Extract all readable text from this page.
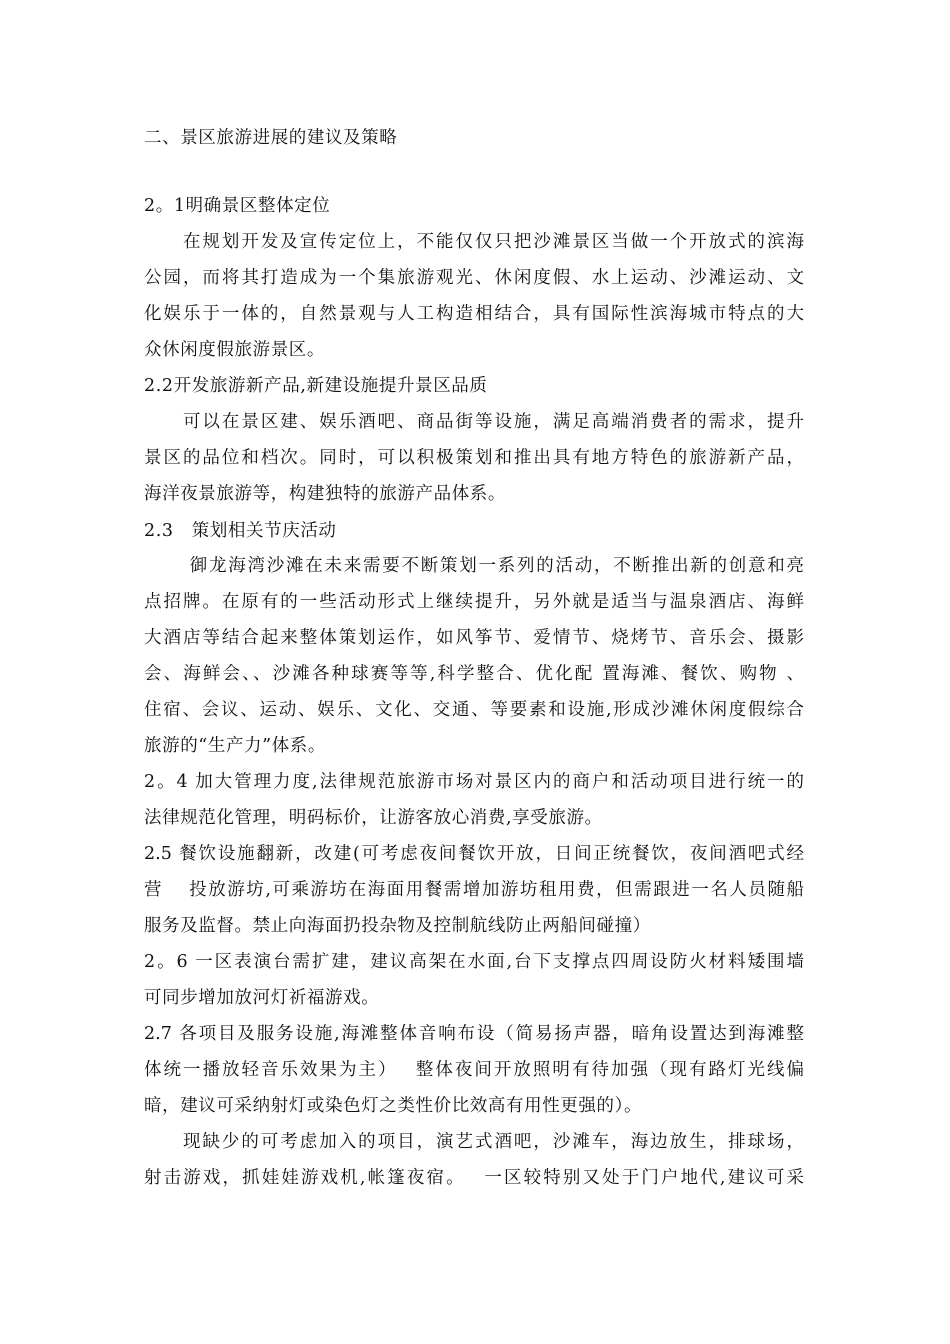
二、景区旅游进展的建议及策略
2。1明确景区整体定位
　　在规划开发及宣传定位上，不能仅仅只把沙滩景区当做一个开放式的滨海
公园，而将其打造成为一个集旅游观光、休闲度假、水上运动、沙滩运动、文
化娱乐于一体的，自然景观与人工构造相结合，具有国际性滨海城市特点的大
众休闲度假旅游景区。
2.2开发旅游新产品,新建设施提升景区品质
　　可以在景区建、娱乐酒吧、商品街等设施，满足高端消费者的需求，提升
景区的品位和档次。同时，可以积极策划和推出具有地方特色的旅游新产品，
海洋夜景旅游等，构建独特的旅游产品体系。
2.3　策划相关节庆活动
　　 御龙海湾沙滩在未来需要不断策划一系列的活动，不断推出新的创意和亮
点招牌。在原有的一些活动形式上继续提升，另外就是适当与温泉酒店、海鲜
大酒店等结合起来整体策划运作，如风筝节、爱情节、烧烤节、音乐会、摄影
会、海鲜会、、沙滩各种球赛等等,科学整合、优化配 置海滩、餐饮、购物 、
住宿、会议、运动、娱乐、文化、交通、等要素和设施,形成沙滩休闲度假综合
旅游的“生产力”体系。
2。4 加大管理力度,法律规范旅游市场对景区内的商户和活动项目进行统一的
法律规范化管理，明码标价，让游客放心消费,享受旅游。
2.5 餐饮设施翻新，改建(可考虑夜间餐饮开放，日间正统餐饮，夜间酒吧式经
营　 投放游坊,可乘游坊在海面用餐需增加游坊租用费，但需跟进一名人员随船
服务及监督。禁止向海面扔投杂物及控制航线防止两船间碰撞）
2。6 一区表演台需扩建，建议高架在水面,台下支撑点四周设防火材料矮围墙
可同步增加放河灯祈福游戏。
2.7 各项目及服务设施,海滩整体音响布设（简易扬声器，暗角设置达到海滩整
体统一播放轻音乐效果为主）　 整体夜间开放照明有待加强（现有路灯光线偏
暗，建议可采纳射灯或染色灯之类性价比效高有用性更强的）。
　　现缺少的可考虑加入的项目，演艺式酒吧，沙滩车，海边放生，排球场，
射击游戏，抓娃娃游戏机,帐篷夜宿。　 一区较特别又处于门户地代,建议可采
